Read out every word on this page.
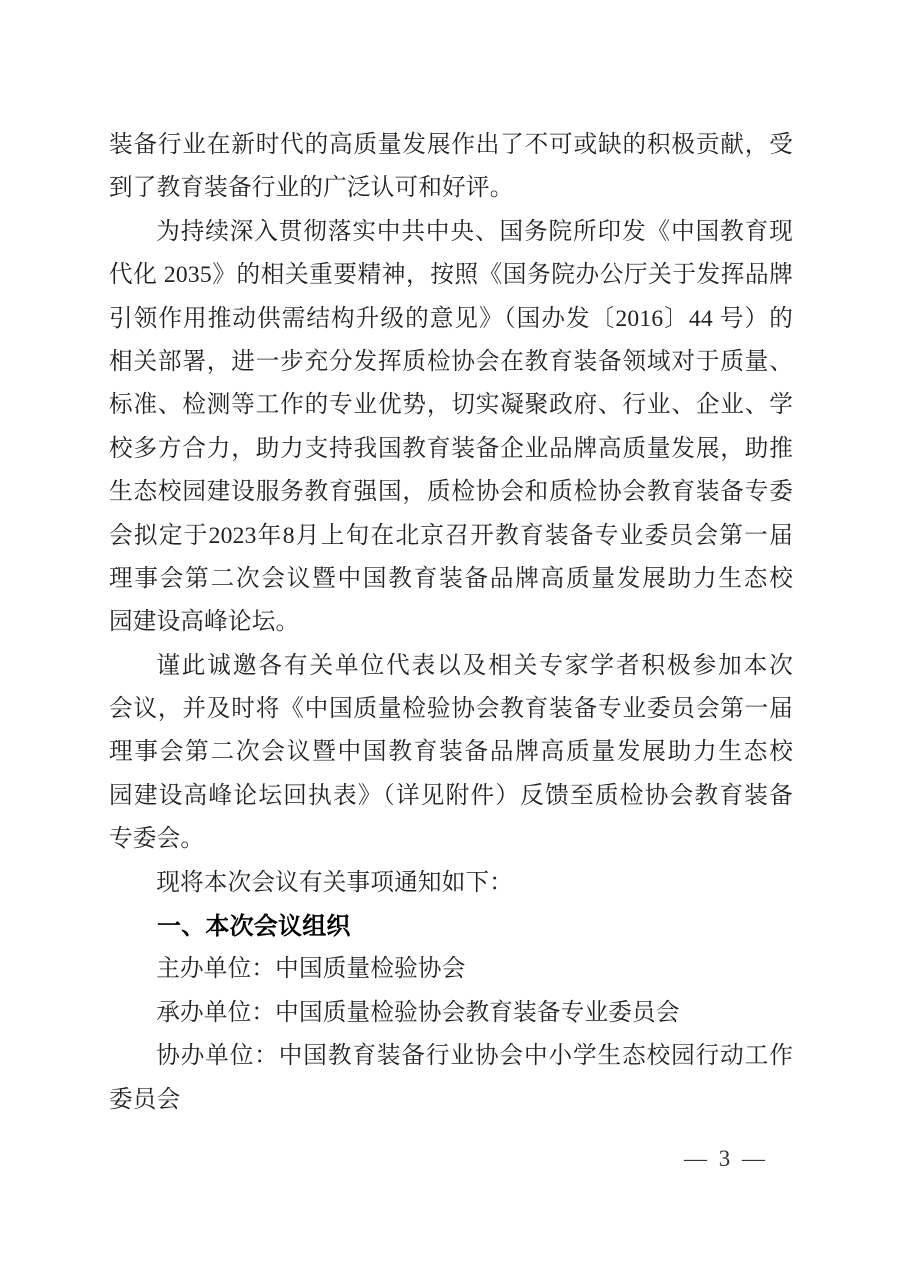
装备行业在新时代的高质量发展作出了不可或缺的积极贡献，受
到了教育装备行业的广泛认可和好评。
为持续深入贯彻落实中共中央、国务院所印发《中国教育现
代化 2035》的相关重要精神，按照《国务院办公厅关于发挥品牌
引领作用推动供需结构升级的意见》（国办发〔2016〕44 号）的
相关部署，进一步充分发挥质检协会在教育装备领域对于质量、
标准、检测等工作的专业优势，切实凝聚政府、行业、企业、学
校多方合力，助力支持我国教育装备企业品牌高质量发展，助推
生态校园建设服务教育强国，质检协会和质检协会教育装备专委
会拟定于2023年8月上旬在北京召开教育装备专业委员会第一届
理事会第二次会议暨中国教育装备品牌高质量发展助力生态校
园建设高峰论坛。
谨此诚邀各有关单位代表以及相关专家学者积极参加本次
会议，并及时将《中国质量检验协会教育装备专业委员会第一届
理事会第二次会议暨中国教育装备品牌高质量发展助力生态校
园建设高峰论坛回执表》（详见附件）反馈至质检协会教育装备
专委会。
现将本次会议有关事项通知如下：
一、本次会议组织
主办单位：中国质量检验协会
承办单位：中国质量检验协会教育装备专业委员会
协办单位：中国教育装备行业协会中小学生态校园行动工作
委员会
— 3 —
